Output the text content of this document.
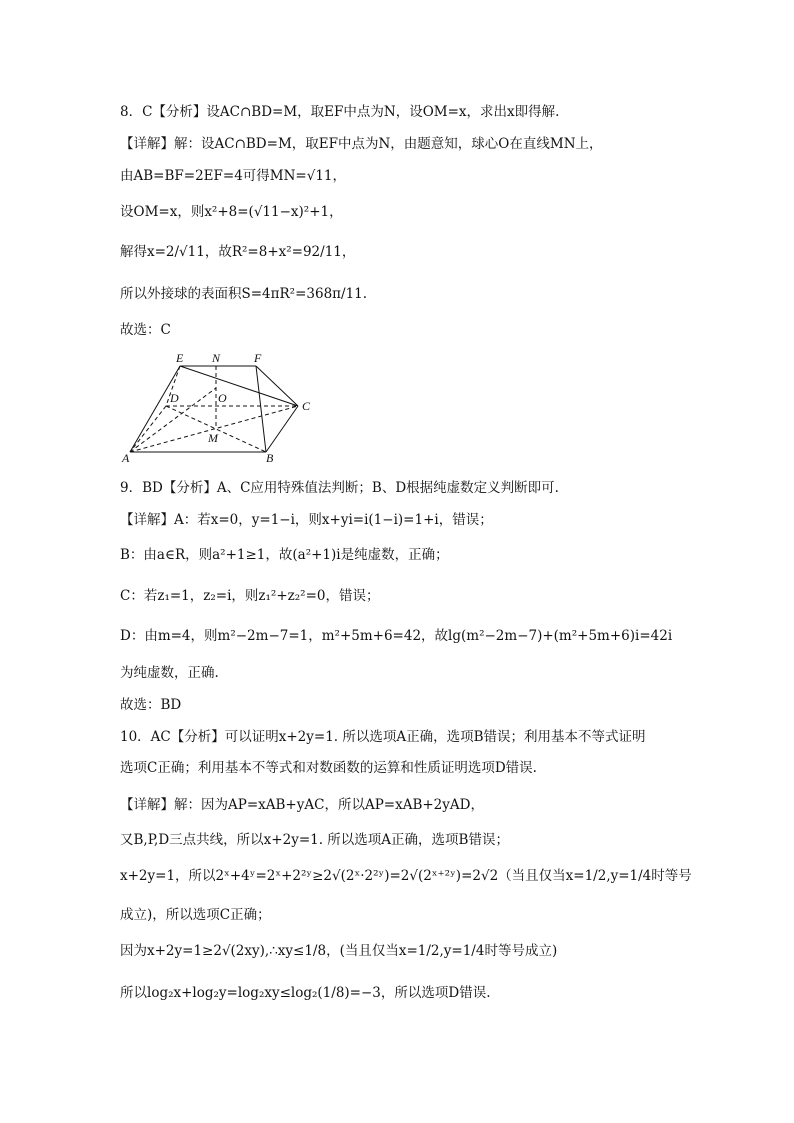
8．C【分析】设AC∩BD=M，取EF中点为N，设OM=x，求出x即得解.
【详解】解：设AC∩BD=M，取EF中点为N，由题意知，球心O在直线MN上，
由AB=BF=2EF=4可得MN=√11，
设OM=x，则x²+8=(√11−x)²+1，
解得x=2/√11，故R²=8+x²=92/11，
所以外接球的表面积S=4πR²=368π/11.
故选：C
E N	F
D	O
C
M
A	B
9．BD【分析】A、C应用特殊值法判断；B、D根据纯虚数定义判断即可.
【详解】A：若x=0，y=1−i，则x+yi=i(1−i)=1+i，错误；
B：由a∈R，则a²+1≥1，故(a²+1)i是纯虚数，正确；
C：若z₁=1，z₂=i，则z₁²+z₂²=0，错误；
D：由m=4，则m²−2m−7=1，m²+5m+6=42，故lg(m²−2m−7)+(m²+5m+6)i=42i
为纯虚数，正确.
故选：BD
10．AC【分析】可以证明x+2y=1. 所以选项A正确，选项B错误；利用基本不等式证明
选项C正确；利用基本不等式和对数函数的运算和性质证明选项D错误.
【详解】解：因为AP=xAB+yAC，所以AP=xAB+2yAD，
又B,P,D三点共线，所以x+2y=1. 所以选项A正确，选项B错误；
x+2y=1，所以2ˣ+4ʸ=2ˣ+2²ʸ≥2√(2ˣ·2²ʸ)=2√(2ˣ⁺²ʸ)=2√2（当且仅当x=1/2,y=1/4时等号
成立)，所以选项C正确；
因为x+2y=1≥2√(2xy),∴xy≤1/8，(当且仅当x=1/2,y=1/4时等号成立)
所以log₂x+log₂y=log₂xy≤log₂(1/8)=−3，所以选项D错误.
